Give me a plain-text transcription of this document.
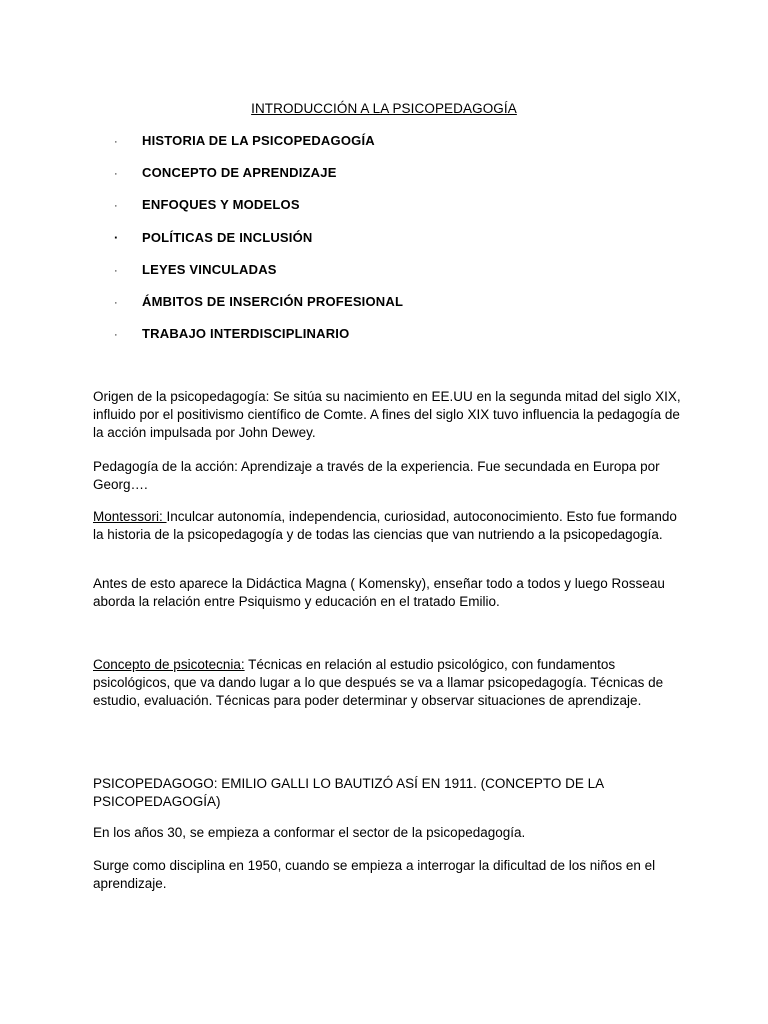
INTRODUCCIÓN A LA PSICOPEDAGOGÍA
·	HISTORIA DE LA PSICOPEDAGOGÍA
·	CONCEPTO DE APRENDIZAJE
·	ENFOQUES Y MODELOS
·	POLÍTICAS DE INCLUSIÓN
·	LEYES VINCULADAS
·	ÁMBITOS DE INSERCIÓN PROFESIONAL
·	TRABAJO INTERDISCIPLINARIO

Origen de la psicopedagogía: Se sitúa su nacimiento en EE.UU en la segunda mitad del siglo XIX, influido por el positivismo científico de Comte. A fines del siglo XIX tuvo influencia la pedagogía de la acción impulsada por John Dewey.

Pedagogía de la acción: Aprendizaje a través de la experiencia. Fue secundada en Europa por Georg….

Montessori: Inculcar autonomía, independencia, curiosidad, autoconocimiento. Esto fue formando la historia de la psicopedagogía y de todas las ciencias que van nutriendo a la psicopedagogía.

Antes de esto aparece la Didáctica Magna ( Komensky), enseñar todo a todos y luego Rosseau aborda la relación entre Psiquismo y educación en el tratado Emilio.

Concepto de psicotecnia: Técnicas en relación al estudio psicológico, con fundamentos psicológicos, que va dando lugar a lo que después se va a llamar psicopedagogía. Técnicas de estudio, evaluación. Técnicas para poder determinar y observar situaciones de aprendizaje.

PSICOPEDAGOGO: EMILIO GALLI LO BAUTIZÓ ASÍ EN 1911. (CONCEPTO DE LA PSICOPEDAGOGÍA)

En los años 30, se empieza a conformar el sector de la psicopedagogía.

Surge como disciplina en 1950, cuando se empieza a interrogar la dificultad de los niños en el aprendizaje.
